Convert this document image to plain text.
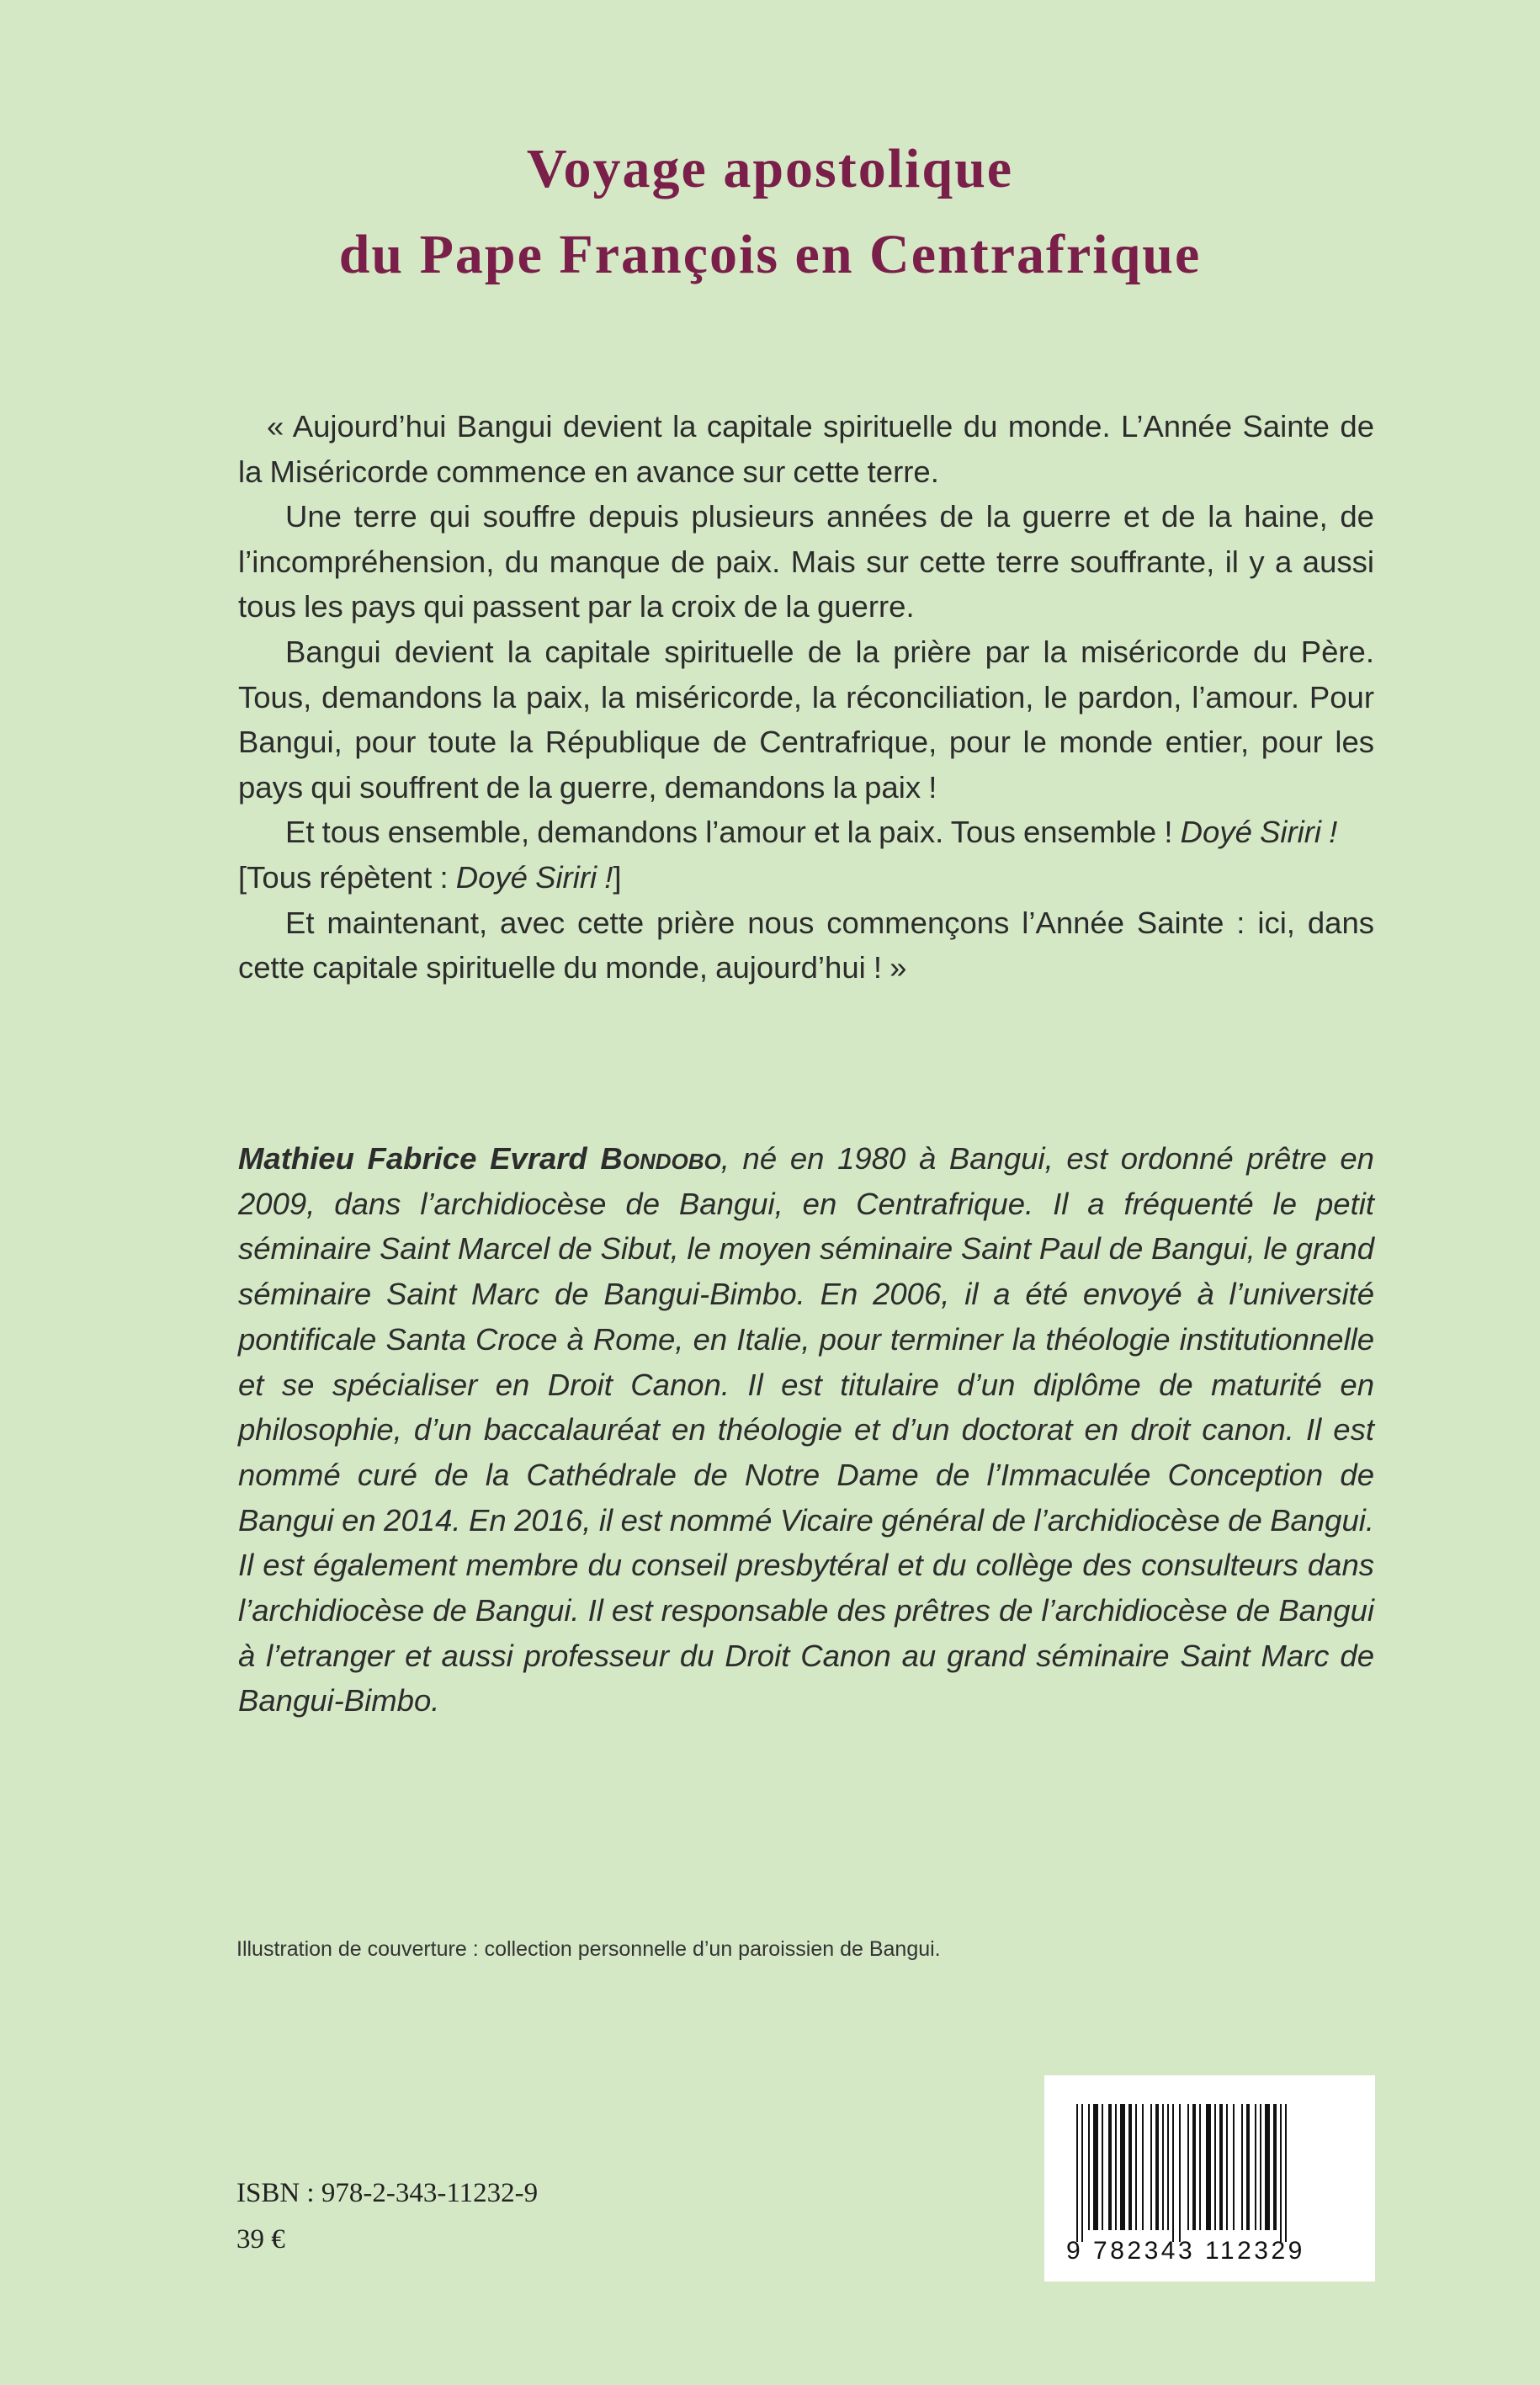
Voyage apostolique
du Pape François en Centrafrique

« Aujourd’hui Bangui devient la capitale spirituelle du monde. L’Année Sainte de la Miséricorde commence en avance sur cette terre.

Une terre qui souffre depuis plusieurs années de la guerre et de la haine, de l’incompréhension, du manque de paix. Mais sur cette terre souffrante, il y a aussi tous les pays qui passent par la croix de la guerre.

Bangui devient la capitale spirituelle de la prière par la miséricorde du Père. Tous, demandons la paix, la miséricorde, la réconciliation, le pardon, l’amour. Pour Bangui, pour toute la République de Centrafrique, pour le monde entier, pour les pays qui souffrent de la guerre, demandons la paix !

Et tous ensemble, demandons l’amour et la paix. Tous ensemble ! Doyé Siriri !

[Tous répètent : Doyé Siriri !]

Et maintenant, avec cette prière nous commençons l’Année Sainte : ici, dans cette capitale spirituelle du monde, aujourd’hui ! »

Mathieu Fabrice Evrard Bondobo, né en 1980 à Bangui, est ordonné prêtre en 2009, dans l’archidiocèse de Bangui, en Centrafrique. Il a fréquenté le petit séminaire Saint Marcel de Sibut, le moyen séminaire Saint Paul de Bangui, le grand séminaire Saint Marc de Bangui-Bimbo. En 2006, il a été envoyé à l’université pontificale Santa Croce à Rome, en Italie, pour terminer la théologie institutionnelle et se spécialiser en Droit Canon. Il est titulaire d’un diplôme de maturité en philosophie, d’un baccalauréat en théologie et d’un doctorat en droit canon. Il est nommé curé de la Cathédrale de Notre Dame de l’Immaculée Conception de Bangui en 2014. En 2016, il est nommé Vicaire général de l’archidiocèse de Bangui. Il est également membre du conseil presbytéral et du collège des consulteurs dans l’archidiocèse de Bangui. Il est responsable des prêtres de l’archidiocèse de Bangui à l’etranger et aussi professeur du Droit Canon au grand séminaire Saint Marc de Bangui-Bimbo.
Illustration de couverture : collection personnelle d’un paroissien de Bangui.
ISBN : 978-2-343-11232-9
39 €	9 782343 112329
